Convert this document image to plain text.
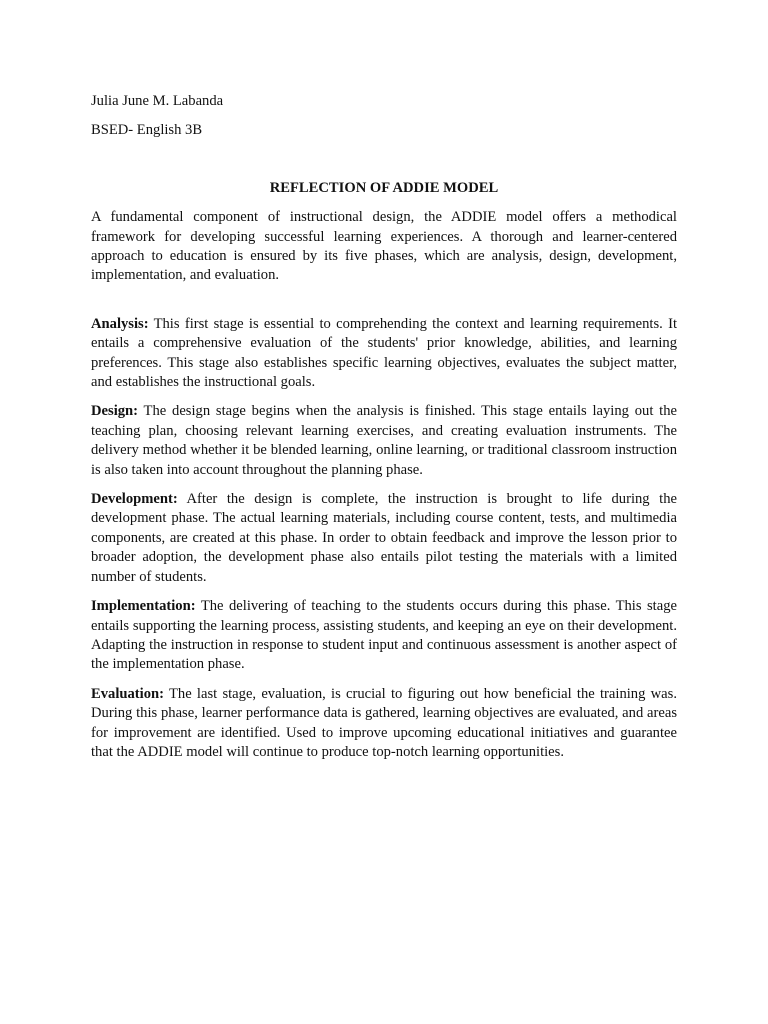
Julia June M. Labanda

BSED- English 3B

REFLECTION OF ADDIE MODEL

A fundamental component of instructional design, the ADDIE model offers a methodical framework for developing successful learning experiences. A thorough and learner-centered approach to education is ensured by its five phases, which are analysis, design, development, implementation, and evaluation.

Analysis: This first stage is essential to comprehending the context and learning requirements. It entails a comprehensive evaluation of the students' prior knowledge, abilities, and learning preferences. This stage also establishes specific learning objectives, evaluates the subject matter, and establishes the instructional goals.

Design: The design stage begins when the analysis is finished. This stage entails laying out the teaching plan, choosing relevant learning exercises, and creating evaluation instruments. The delivery method whether it be blended learning, online learning, or traditional classroom instruction is also taken into account throughout the planning phase.

Development: After the design is complete, the instruction is brought to life during the development phase. The actual learning materials, including course content, tests, and multimedia components, are created at this phase. In order to obtain feedback and improve the lesson prior to broader adoption, the development phase also entails pilot testing the materials with a limited number of students.

Implementation: The delivering of teaching to the students occurs during this phase. This stage entails supporting the learning process, assisting students, and keeping an eye on their development. Adapting the instruction in response to student input and continuous assessment is another aspect of the implementation phase.

Evaluation: The last stage, evaluation, is crucial to figuring out how beneficial the training was. During this phase, learner performance data is gathered, learning objectives are evaluated, and areas for improvement are identified. Used to improve upcoming educational initiatives and guarantee that the ADDIE model will continue to produce top-notch learning opportunities.
